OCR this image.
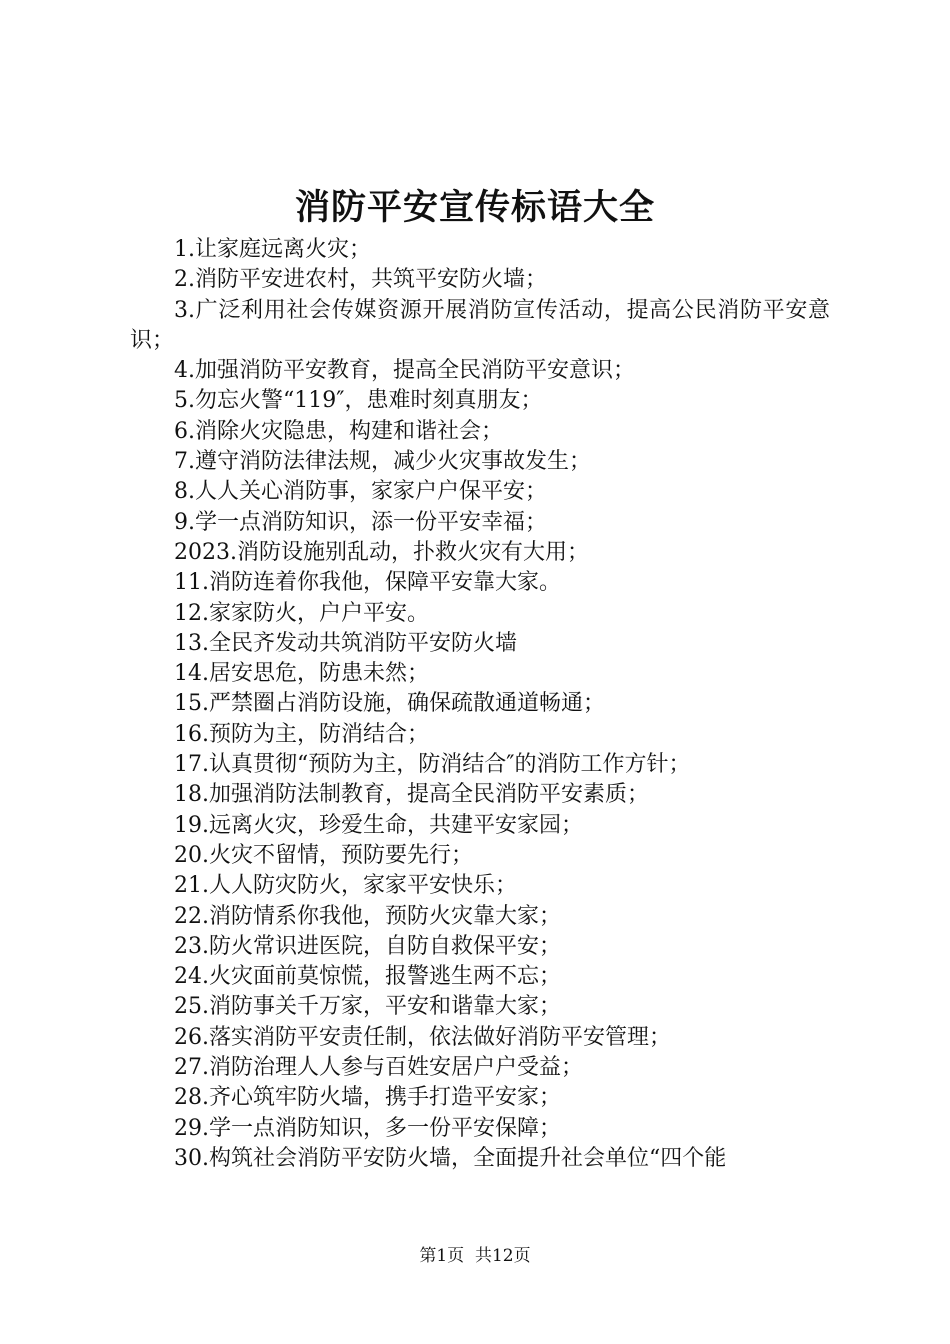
消防平安宣传标语大全

1.让家庭远离火灾；

2.消防平安进农村，共筑平安防火墙；

3.广泛利用社会传媒资源开展消防宣传活动，提高公民消防平安意识；

4.加强消防平安教育，提高全民消防平安意识；

5.勿忘火警“119″，患难时刻真朋友；

6.消除火灾隐患，构建和谐社会；

7.遵守消防法律法规，减少火灾事故发生；

8.人人关心消防事，家家户户保平安；

9.学一点消防知识，添一份平安幸福；

2023.消防设施别乱动，扑救火灾有大用；

11.消防连着你我他，保障平安靠大家。

12.家家防火，户户平安。

13.全民齐发动共筑消防平安防火墙

14.居安思危，防患未然；

15.严禁圈占消防设施，确保疏散通道畅通；

16.预防为主，防消结合；

17.认真贯彻“预防为主，防消结合″的消防工作方针；

18.加强消防法制教育，提高全民消防平安素质；

19.远离火灾，珍爱生命，共建平安家园；

20.火灾不留情，预防要先行；

21.人人防灾防火，家家平安快乐；

22.消防情系你我他，预防火灾靠大家；

23.防火常识进医院，自防自救保平安；

24.火灾面前莫惊慌，报警逃生两不忘；

25.消防事关千万家，平安和谐靠大家；

26.落实消防平安责任制，依法做好消防平安管理；

27.消防治理人人参与百姓安居户户受益；

28.齐心筑牢防火墙，携手打造平安家；

29.学一点消防知识，多一份平安保障；

30.构筑社会消防平安防火墙，全面提升社会单位“四个能

第1页  共12页
